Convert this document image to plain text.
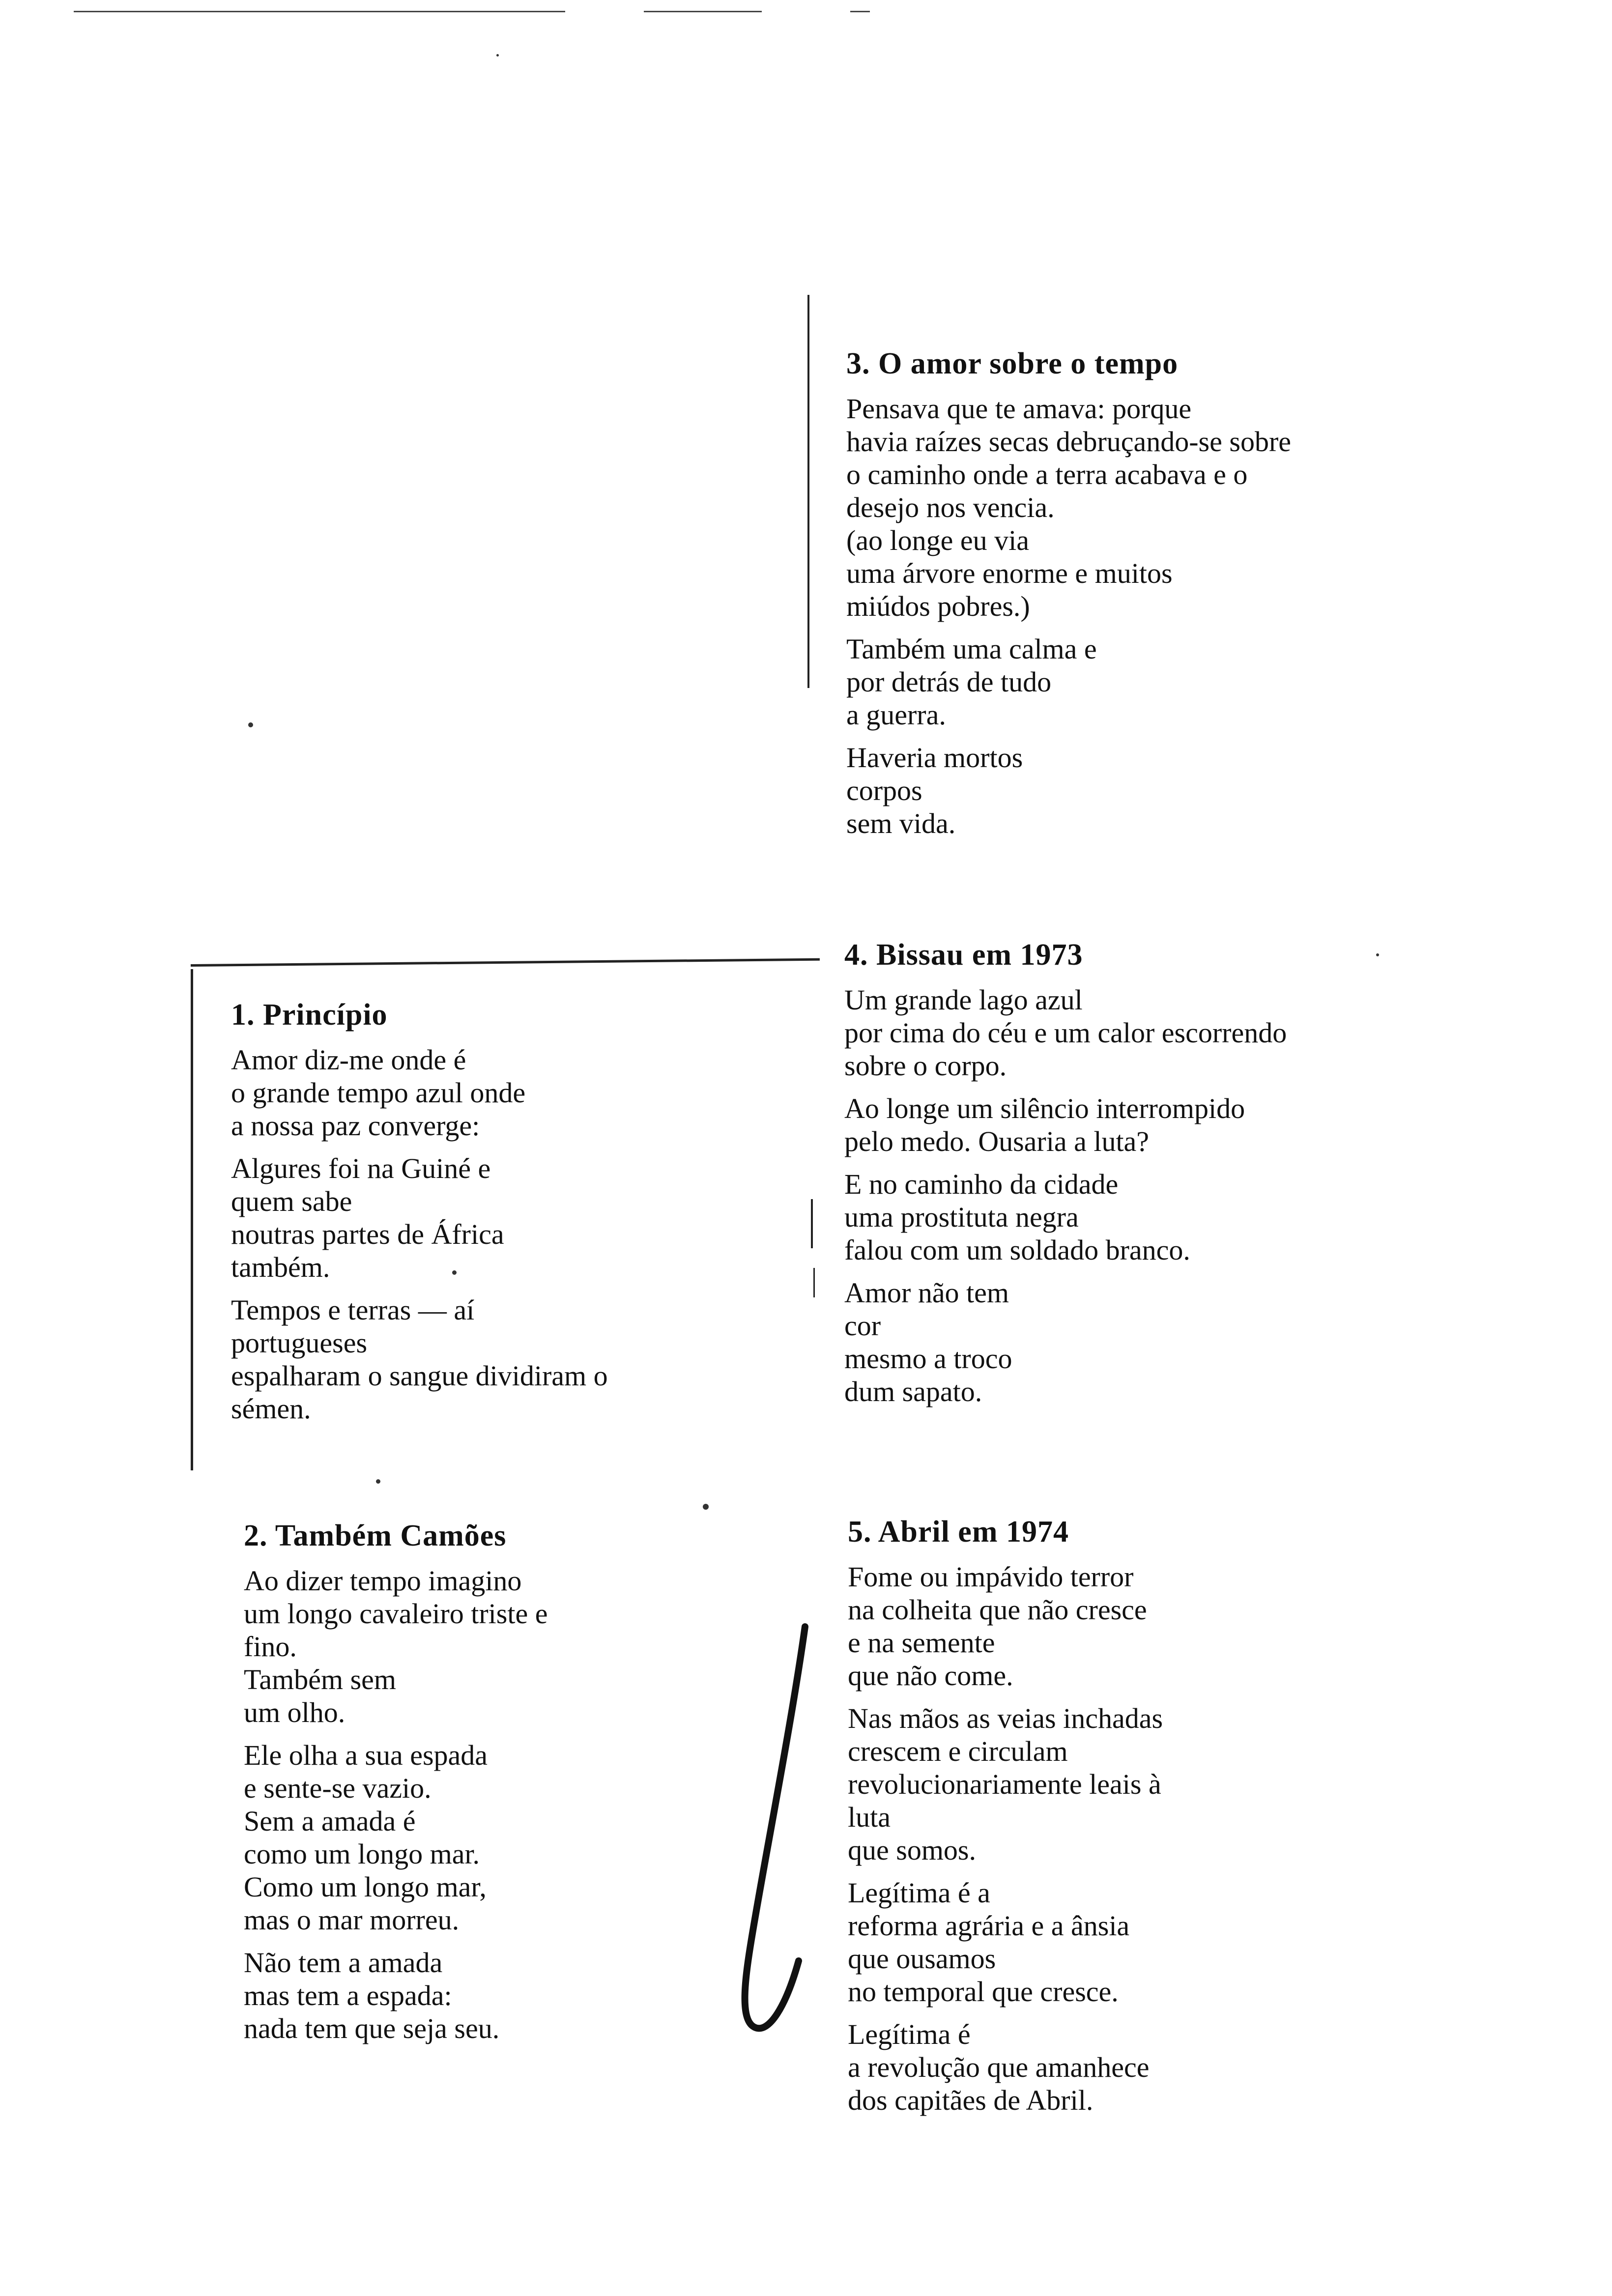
3. O amor sobre o tempo
Pensava que te amava: porque
havia raízes secas debruçando-se sobre
o caminho onde a terra acabava e o
desejo nos vencia.
(ao longe eu via
uma árvore enorme e muitos
miúdos pobres.)
Também uma calma e
por detrás de tudo
a guerra.
Haveria mortos
corpos
sem vida.
1. Princípio
Amor diz-me onde é
o grande tempo azul onde
a nossa paz converge:
Algures foi na Guiné e
quem sabe
noutras partes de África
também.
Tempos e terras — aí
portugueses
espalharam o sangue dividiram o
sémen.
4. Bissau em 1973
Um grande lago azul
por cima do céu e um calor escorrendo
sobre o corpo.
Ao longe um silêncio interrompido
pelo medo. Ousaria a luta?
E no caminho da cidade
uma prostituta negra
falou com um soldado branco.
Amor não tem
cor
mesmo a troco
dum sapato.
2. Também Camões
Ao dizer tempo imagino
um longo cavaleiro triste e
fino.
Também sem
um olho.
Ele olha a sua espada
e sente-se vazio.
Sem a amada é
como um longo mar.
Como um longo mar,
mas o mar morreu.
Não tem a amada
mas tem a espada:
nada tem que seja seu.
5. Abril em 1974
Fome ou impávido terror
na colheita que não cresce
e na semente
que não come.
Nas mãos as veias inchadas
crescem e circulam
revolucionariamente leais à
luta
que somos.
Legítima é a
reforma agrária e a ânsia
que ousamos
no temporal que cresce.
Legítima é
a revolução que amanhece
dos capitães de Abril.
